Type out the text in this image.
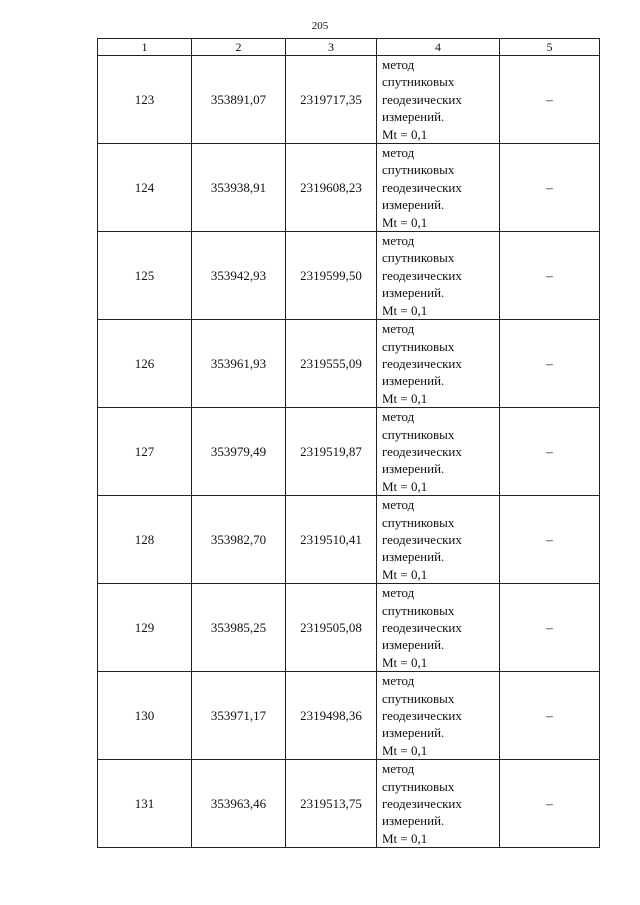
205
1	2	3	4	5
123	353891,07	2319717,35	метод
спутниковых
геодезических
измерений.
Mt = 0,1	–
124	353938,91	2319608,23	метод
спутниковых
геодезических
измерений.
Mt = 0,1	–
125	353942,93	2319599,50	метод
спутниковых
геодезических
измерений.
Mt = 0,1	–
126	353961,93	2319555,09	метод
спутниковых
геодезических
измерений.
Mt = 0,1	–
127	353979,49	2319519,87	метод
спутниковых
геодезических
измерений.
Mt = 0,1	–
128	353982,70	2319510,41	метод
спутниковых
геодезических
измерений.
Mt = 0,1	–
129	353985,25	2319505,08	метод
спутниковых
геодезических
измерений.
Mt = 0,1	–
130	353971,17	2319498,36	метод
спутниковых
геодезических
измерений.
Mt = 0,1	–
131	353963,46	2319513,75	метод
спутниковых
геодезических
измерений.
Mt = 0,1	–
